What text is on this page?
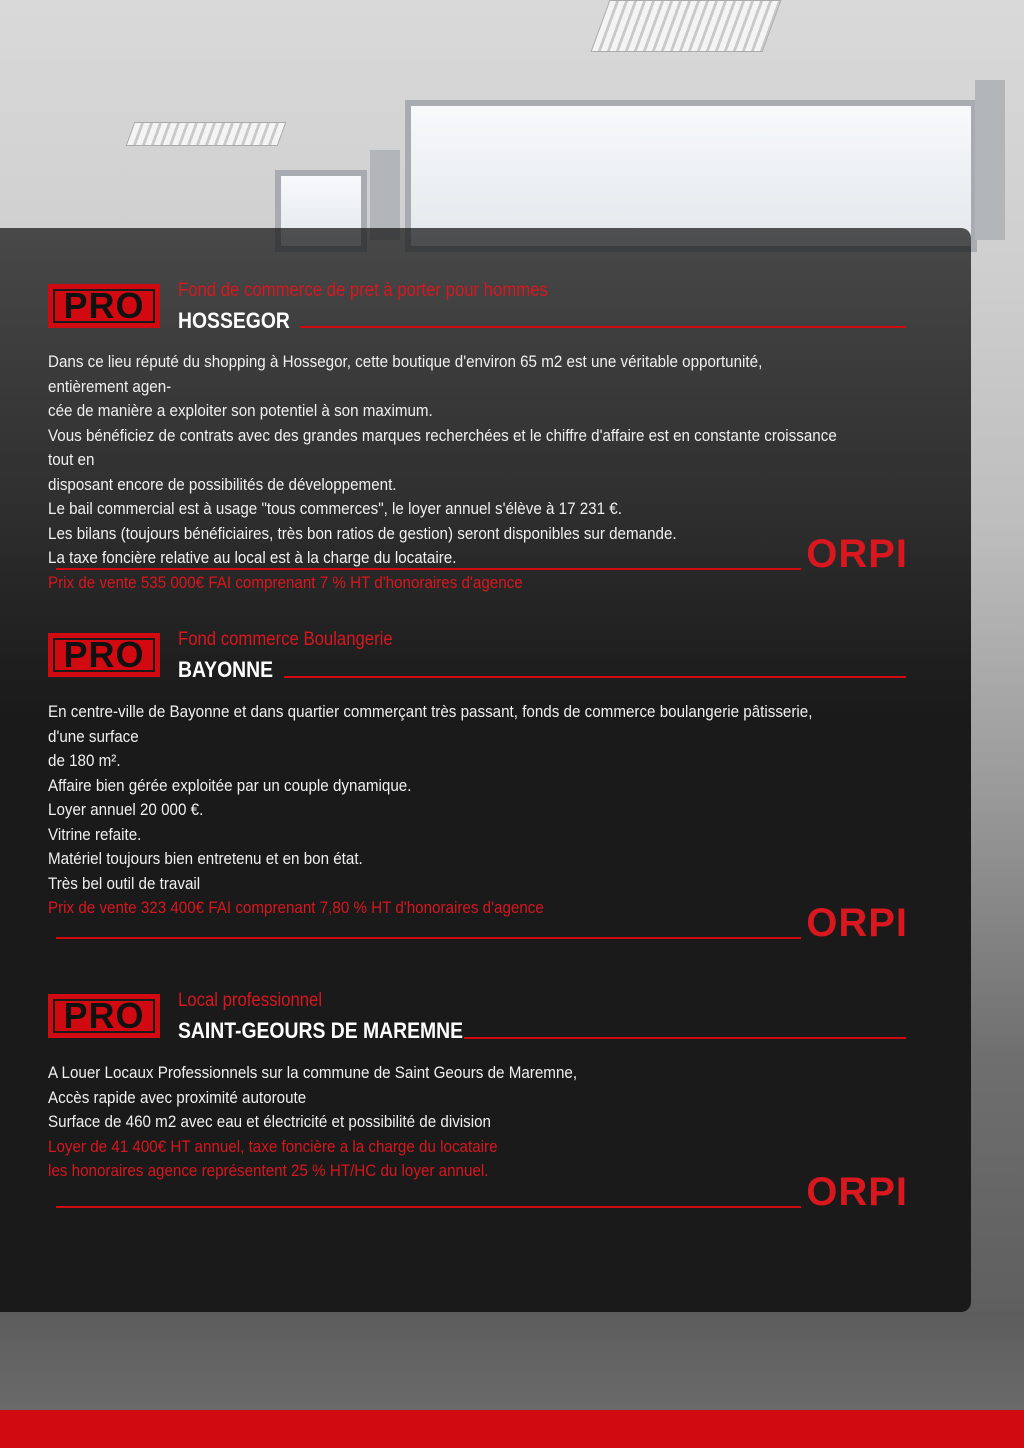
PRO	Fond de commerce de pret à porter pour hommes
HOSSEGOR

Dans ce lieu réputé du shopping à Hossegor, cette boutique d'environ 65 m2 est une véritable opportunité, entièrement agen-

cée de manière a exploiter son potentiel à son maximum.

Vous bénéficiez de contrats avec des grandes marques recherchées et le chiffre d'affaire est en constante croissance tout en

disposant encore de possibilités de développement.

Le bail commercial est à usage "tous commerces", le loyer annuel s'élève à 17 231 €.

Les bilans (toujours bénéficiaires, très bon ratios de gestion) seront disponibles sur demande.

La taxe foncière relative au local est à la charge du locataire.

Prix de vente 535 000€ FAI comprenant 7 % HT d'honoraires d'agence

ORPI
PRO	Fond commerce Boulangerie
BAYONNE

En centre-ville de Bayonne et dans quartier commerçant très passant, fonds de commerce boulangerie pâtisserie, d'une surface

de 180 m².

Affaire bien gérée exploitée par un couple dynamique.

Loyer annuel 20 000 €.

Vitrine refaite.

Matériel toujours bien entretenu et en bon état.

Très bel outil de travail

Prix de vente 323 400€ FAI comprenant 7,80 % HT d'honoraires d'agence	ORPI
PRO	Local professionnel
SAINT-GEOURS DE MAREMNE

A Louer Locaux Professionnels sur la commune de Saint Geours de Maremne,

Accès rapide avec proximité autoroute

Surface de 460 m2 avec eau et électricité et possibilité de division

Loyer de 41 400€ HT annuel, taxe foncière a la charge du locataire

les honoraires agence représentent 25 % HT/HC du loyer annuel.	ORPI
